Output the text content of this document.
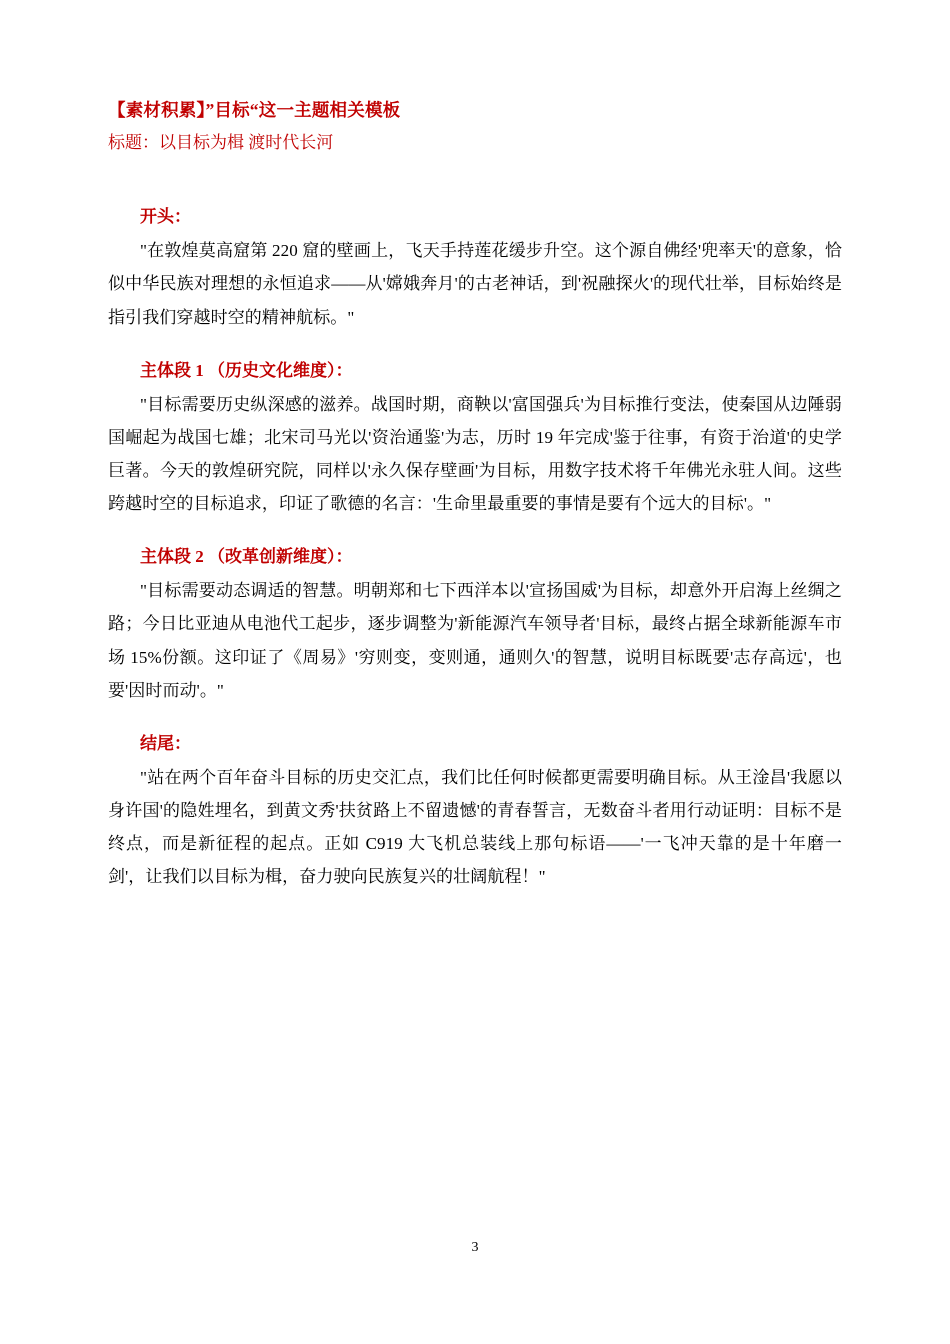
【素材积累】”目标“这一主题相关模板
标题：以目标为楫 渡时代长河
开头：

"在敦煌莫高窟第 220 窟的壁画上，飞天手持莲花缓步升空。这个源自佛经'兜率天'的意象，恰似中华民族对理想的永恒追求——从'嫦娥奔月'的古老神话，到'祝融探火'的现代壮举，目标始终是指引我们穿越时空的精神航标。"

主体段 1 （历史文化维度）：

"目标需要历史纵深感的滋养。战国时期，商鞅以'富国强兵'为目标推行变法，使秦国从边陲弱国崛起为战国七雄；北宋司马光以'资治通鉴'为志，历时 19 年完成'鉴于往事，有资于治道'的史学巨著。今天的敦煌研究院，同样以'永久保存壁画'为目标，用数字技术将千年佛光永驻人间。这些跨越时空的目标追求，印证了歌德的名言：'生命里最重要的事情是要有个远大的目标'。"

主体段 2 （改革创新维度）：

"目标需要动态调适的智慧。明朝郑和七下西洋本以'宣扬国威'为目标，却意外开启海上丝绸之路；今日比亚迪从电池代工起步，逐步调整为'新能源汽车领导者'目标，最终占据全球新能源车市场 15%份额。这印证了《周易》'穷则变，变则通，通则久'的智慧，说明目标既要'志存高远'，也要'因时而动'。"

结尾：

"站在两个百年奋斗目标的历史交汇点，我们比任何时候都更需要明确目标。从王淦昌'我愿以身许国'的隐姓埋名，到黄文秀'扶贫路上不留遗憾'的青春誓言，无数奋斗者用行动证明：目标不是终点，而是新征程的起点。正如 C919 大飞机总装线上那句标语——'一飞冲天靠的是十年磨一剑'，让我们以目标为楫，奋力驶向民族复兴的壮阔航程！"

3
